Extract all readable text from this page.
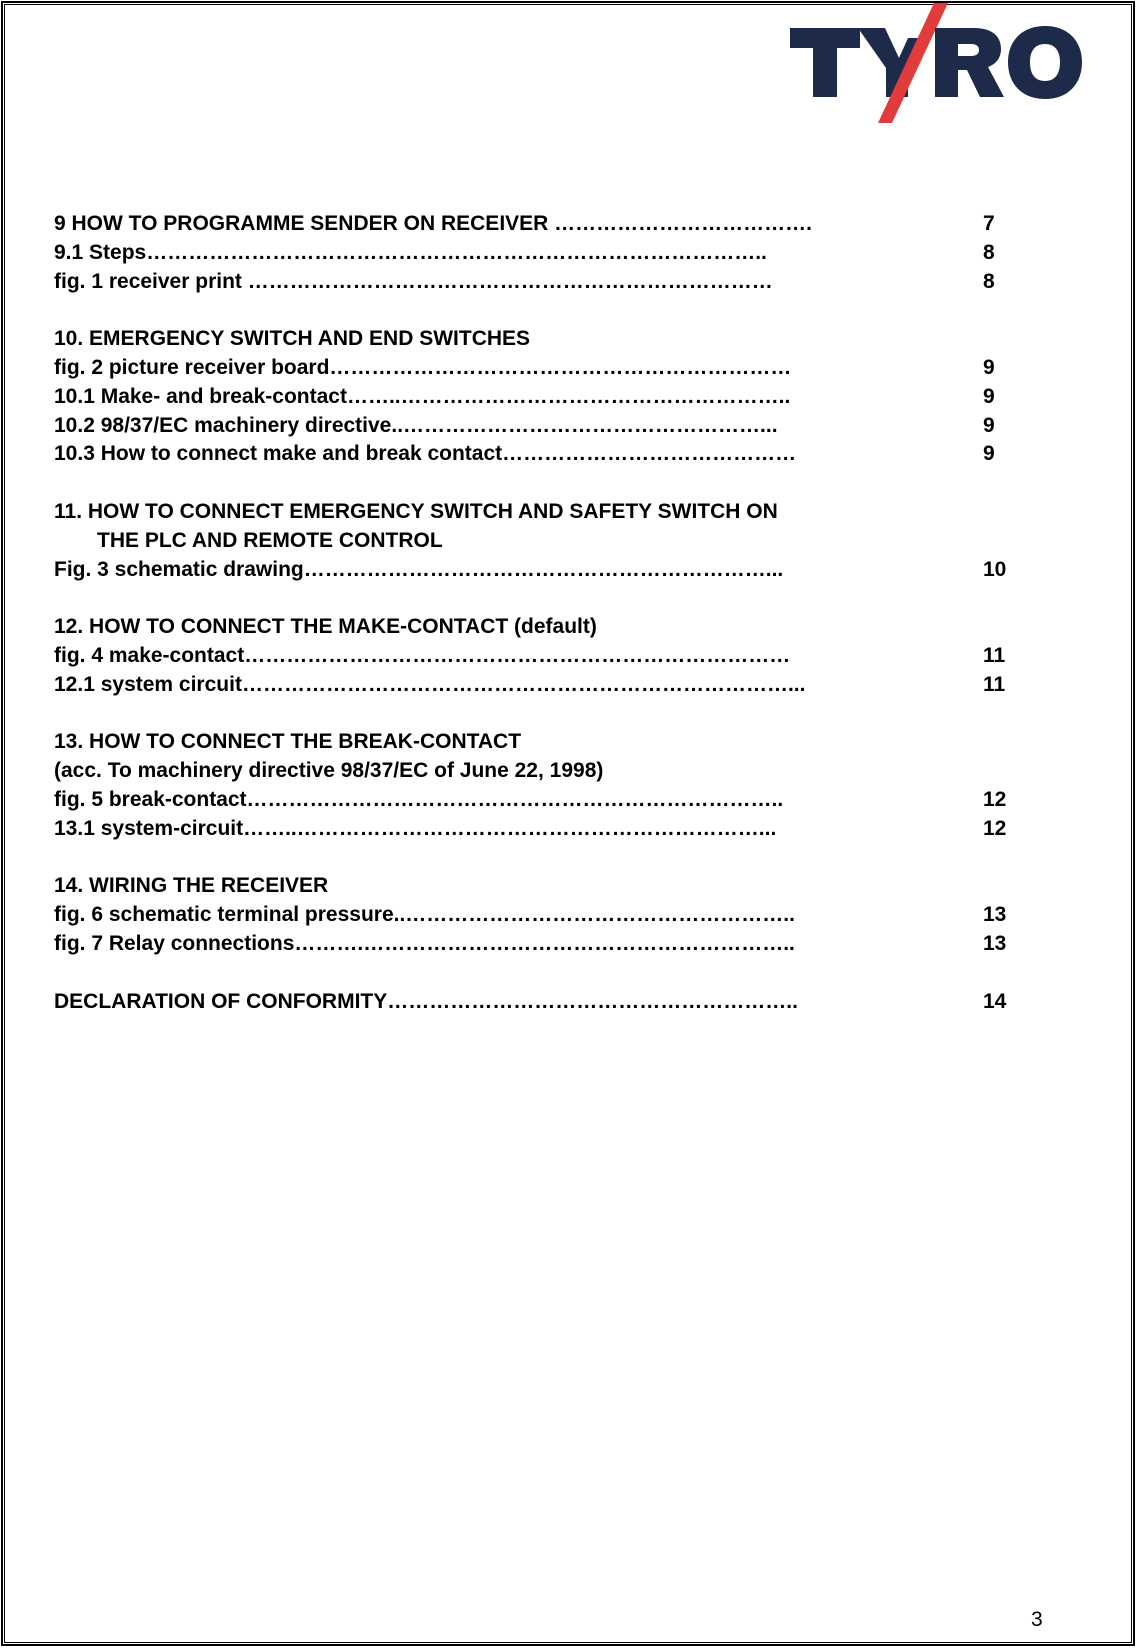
9 HOW TO PROGRAMME SENDER ON RECEIVER ……………………………….	7
9.1 Steps……………………………………………………………………………..	8
fig. 1 receiver print …………………………………………………………………	8
10. EMERGENCY SWITCH AND END SWITCHES
fig. 2 picture receiver board…………………………………………………………	9
10.1 Make- and break-contact……..………………………………………………..	9
10.2 98/37/EC machinery directive..……………………………………………...	9
10.3 How to connect make and break contact……………………………………	9
11. HOW TO CONNECT EMERGENCY SWITCH AND SAFETY SWITCH ON
THE PLC AND REMOTE CONTROL
Fig. 3 schematic drawing…………………………………………………………...	10
12. HOW TO CONNECT THE MAKE-CONTACT (default)
fig. 4 make-contact……………………………………………………………………	11
12.1 system circuit……………………………………………………………………...	11
13. HOW TO CONNECT THE BREAK-CONTACT
(acc. To machinery directive 98/37/EC of June 22, 1998)
fig. 5 break-contact…………………………………………………………………..	12
13.1 system-circuit……..…………………………………………………………...	12
14. WIRING THE RECEIVER
fig. 6 schematic terminal pressure..………………………………………………..	13
fig. 7 Relay connections……….……………………………………………………..	13
DECLARATION OF CONFORMITY…………………………………………………..	14
3
